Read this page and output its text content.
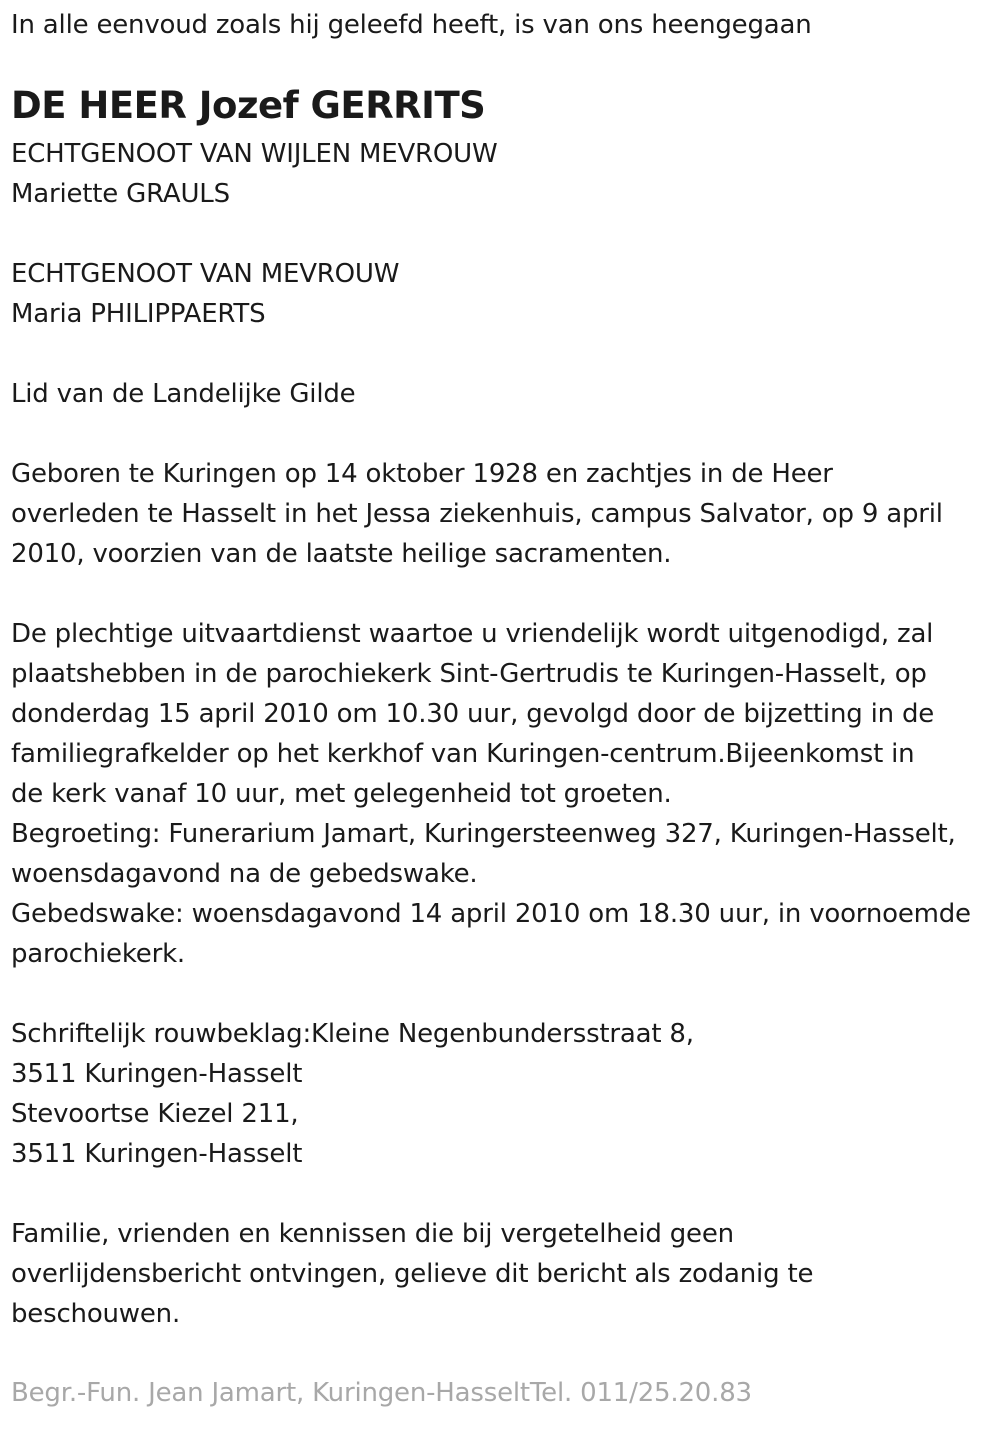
In alle eenvoud zoals hij geleefd heeft, is van ons heengegaan
DE HEER Jozef GERRITS
ECHTGENOOT VAN WIJLEN MEVROUW
Mariette GRAULS
ECHTGENOOT VAN MEVROUW
Maria PHILIPPAERTS
Lid van de Landelijke Gilde
Geboren te Kuringen op 14 oktober 1928 en zachtjes in de Heer
overleden te Hasselt in het Jessa ziekenhuis, campus Salvator, op 9 april
2010, voorzien van de laatste heilige sacramenten.
De plechtige uitvaartdienst waartoe u vriendelijk wordt uitgenodigd, zal
plaatshebben in de parochiekerk Sint-Gertrudis te Kuringen-Hasselt, op
donderdag 15 april 2010 om 10.30 uur, gevolgd door de bijzetting in de
familiegrafkelder op het kerkhof van Kuringen-centrum.Bijeenkomst in
de kerk vanaf 10 uur, met gelegenheid tot groeten.
Begroeting: Funerarium Jamart, Kuringersteenweg 327, Kuringen-Hasselt,
woensdagavond na de gebedswake.
Gebedswake: woensdagavond 14 april 2010 om 18.30 uur, in voornoemde
parochiekerk.
Schriftelijk rouwbeklag:Kleine Negenbundersstraat 8,
3511 Kuringen-Hasselt
Stevoortse Kiezel 211,
3511 Kuringen-Hasselt
Familie, vrienden en kennissen die bij vergetelheid geen
overlijdensbericht ontvingen, gelieve dit bericht als zodanig te
beschouwen.
Begr.-Fun. Jean Jamart, Kuringen-HasseltTel. 011/25.20.83
